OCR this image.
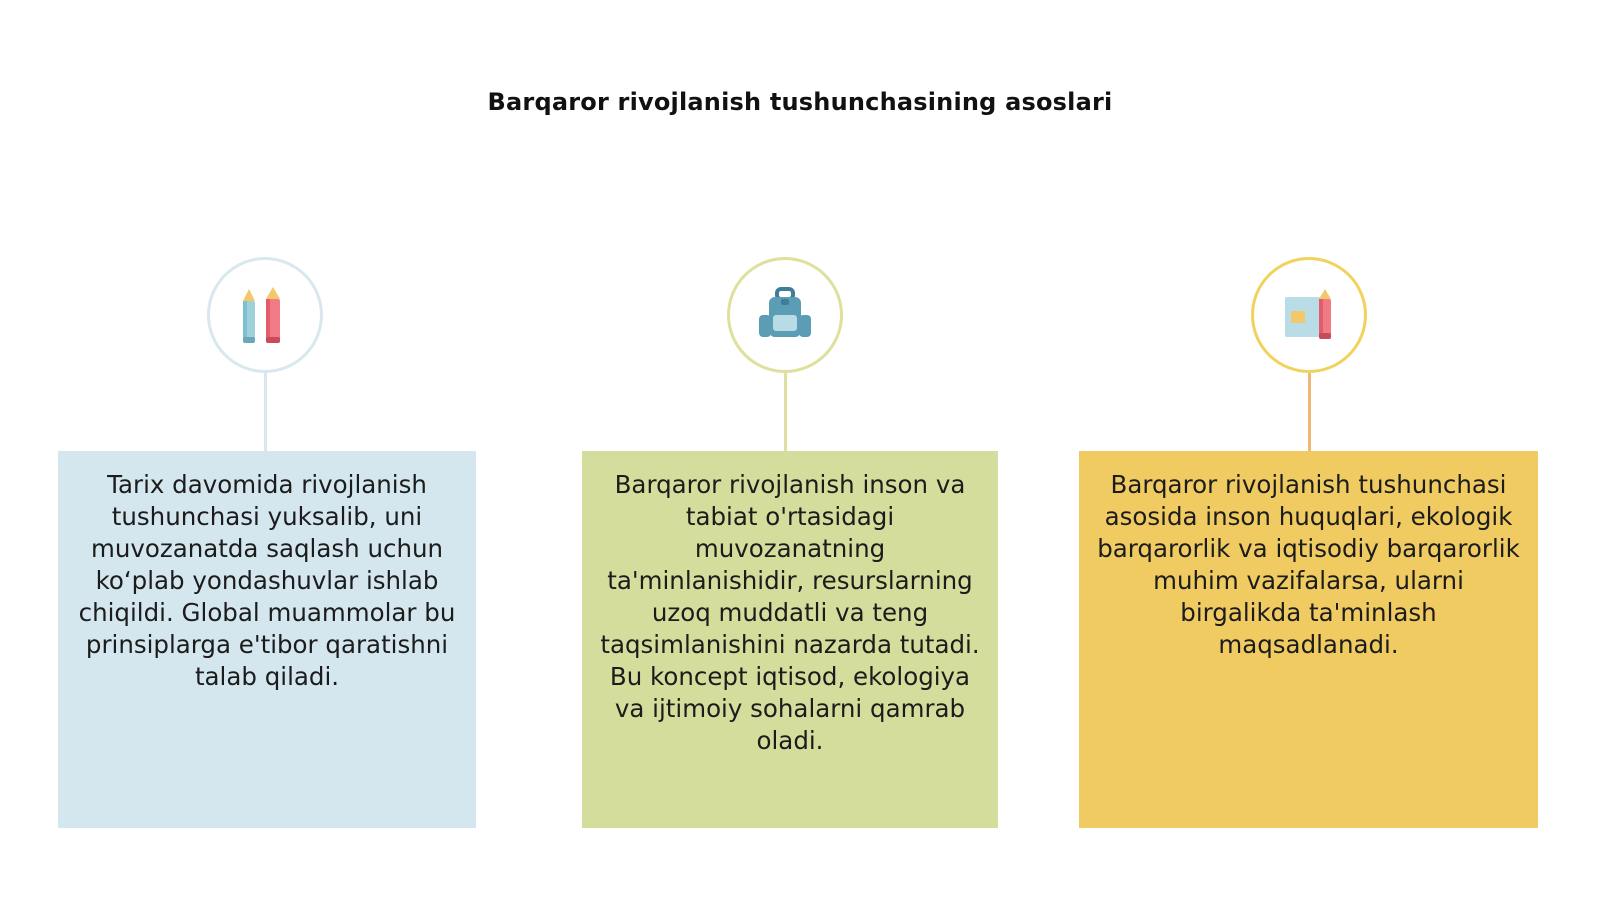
Barqaror rivojlanish tushunchasining asoslari
Tarix davomida rivojlanish tushunchasi yuksalib, uni muvozanatda saqlash uchun ko‘plab yondashuvlar ishlab chiqildi. Global muammolar bu prinsiplarga e'tibor qaratishni talab qiladi.
Barqaror rivojlanish inson va tabiat o'rtasidagi muvozanatning ta'minlanishidir, resurslarning uzoq muddatli va teng taqsimlanishini nazarda tutadi. Bu koncept iqtisod, ekologiya va ijtimoiy sohalarni qamrab oladi.
Barqaror rivojlanish tushunchasi asosida inson huquqlari, ekologik barqarorlik va iqtisodiy barqarorlik muhim vazifalarsa, ularni birgalikda ta'minlash maqsadlanadi.
